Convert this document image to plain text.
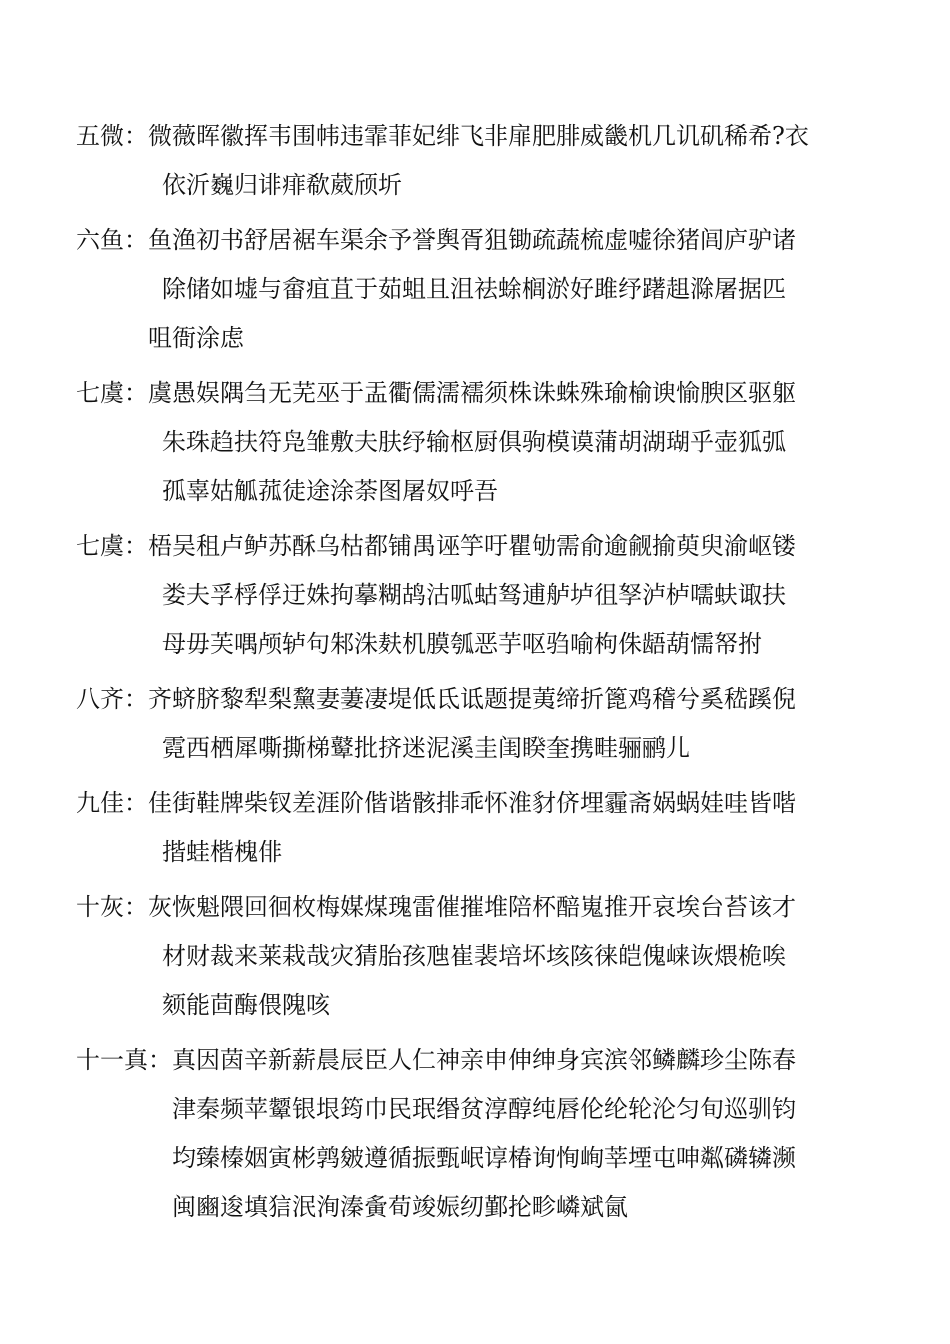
五微： 微薇晖徽挥韦围帏违霏菲妃绯飞非扉肥腓威畿机几讥矶稀希?衣
依沂巍归诽痱欷葳颀圻
六鱼： 鱼渔初书舒居裾车渠余予誉舆胥狙锄疏蔬梳虚嘘徐猪闾庐驴诸
除储如墟与畲疽苴于茹蛆且沮祛蜍榈淤好雎纾躇趄滁屠据匹
咀衙涂虑
七虞： 虞愚娱隅刍无芜巫于盂衢儒濡襦须株诛蛛殊瑜榆谀愉腴区驱躯
朱珠趋扶符凫雏敷夫肤纾输枢厨俱驹模谟蒲胡湖瑚乎壶狐弧
孤辜姑觚菰徒途涂荼图屠奴呼吾
七虞： 梧吴租卢鲈苏酥乌枯都铺禺诬竽吁瞿劬需俞逾觎揄萸臾渝岖镂
娄夫孚桴俘迂姝拘摹糊鸪沽呱蛄驽逋舻垆徂孥泸栌嚅蚨诹扶
母毋芙喁颅轳句邾洙麸机膜瓠恶芋呕驺喻枸侏龉葫懦帑拊
八齐： 齐蛴脐黎犁梨黧妻萋凄堤低氐诋题提荑缔折篦鸡稽兮奚嵇蹊倪
霓西栖犀嘶撕梯鼙批挤迷泥溪圭闺睽奎携畦骊鹂儿
九佳： 佳街鞋牌柴钗差涯阶偕谐骸排乖怀淮豺侪埋霾斋娲蜗娃哇皆喈
揩蛙楷槐俳
十灰： 灰恢魁隈回徊枚梅媒煤瑰雷催摧堆陪杯醅嵬推开哀埃台苔该才
材财裁来莱栽哉灾猜胎孩虺崔裴培坏垓陔徕皑傀崃诙煨桅唉
颏能茴酶偎隗咳
十一真： 真因茵辛新薪晨辰臣人仁神亲申伸绅身宾滨邻鳞麟珍尘陈春
津秦频苹颦银垠筠巾民珉缗贫淳醇纯唇伦纶轮沦匀旬巡驯钧
均臻榛姻寅彬鹑皴遵循振甄岷谆椿询恂峋莘堙屯呻粼磷辚濒
闽豳逡填狺泯洵溱夤荀竣娠纫鄞抡畛嶙斌氤
